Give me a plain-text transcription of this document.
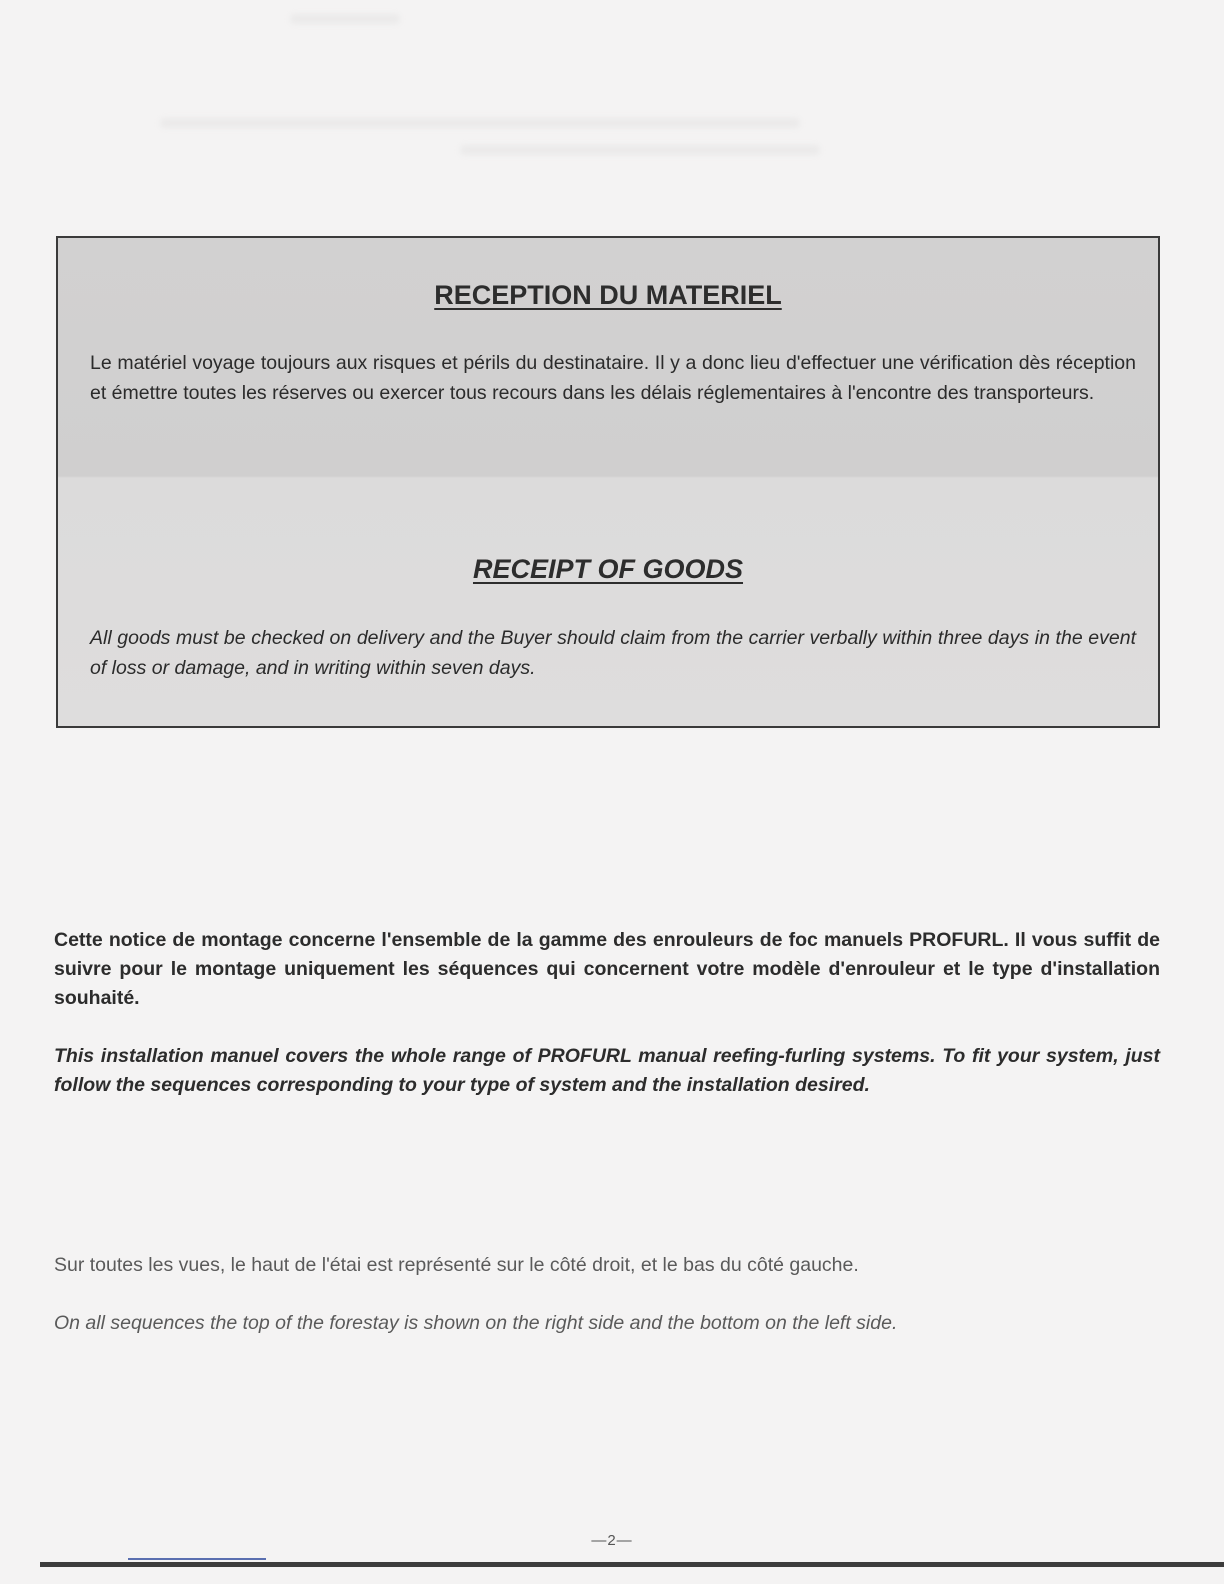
RECEPTION DU MATERIEL

Le matériel voyage toujours aux risques et périls du destinataire. Il y a donc lieu d'effectuer une vérification dès réception et émettre toutes les réserves ou exercer tous recours dans les délais réglementaires à l'encontre des transporteurs.

RECEIPT OF GOODS

All goods must be checked on delivery and the Buyer should claim from the carrier verbally within three days in the event of loss or damage, and in writing within seven days.

Cette notice de montage concerne l'ensemble de la gamme des enrouleurs de foc manuels PROFURL. Il vous suffit de suivre pour le montage uniquement les séquences qui concernent votre modèle d'enrouleur et le type d'installation souhaité.

This installation manuel covers the whole range of PROFURL manual reefing-furling systems. To fit your system, just follow the sequences corresponding to your type of system and the installation desired.

Sur toutes les vues, le haut de l'étai est représenté sur le côté droit, et le bas du côté gauche.

On all sequences the top of the forestay is shown on the right side and the bottom on the left side.

—2—
